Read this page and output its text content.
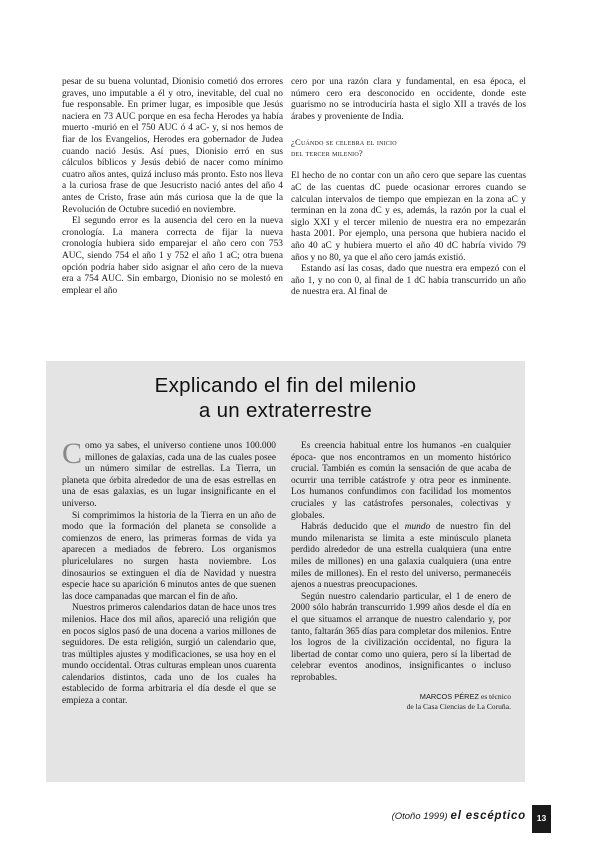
pesar de su buena voluntad, Dionisio cometió dos errores graves, uno imputable a él y otro, inevitable, del cual no fue responsable. En primer lugar, es imposible que Jesús naciera en 73 AUC porque en esa fecha Herodes ya había muerto -murió en el 750 AUC ó 4 aC- y, si nos hemos de fiar de los Evangelios, Herodes era gobernador de Judea cuando nació Jesús. Así pues, Dionisio erró en sus cálculos bíblicos y Jesús debió de nacer como mínimo cuatro años antes, quizá incluso más pronto. Esto nos lleva a la curiosa frase de que Jesucristo nació antes del año 4 antes de Cristo, frase aún más curiosa que la de que la Revolución de Octubre sucedió en noviembre.

El segundo error es la ausencia del cero en la nueva cronología. La manera correcta de fijar la nueva cronología hubiera sido emparejar el año cero con 753 AUC, siendo 754 el año 1 y 752 el año 1 aC; otra buena opción podría haber sido asignar el año cero de la nueva era a 754 AUC. Sin embargo, Dionisio no se molestó en emplear el año

cero por una razón clara y fundamental, en esa época, el número cero era desconocido en occidente, donde este guarismo no se introduciría hasta el siglo XII a través de los árabes y proveniente de India.

¿Cuándo se celebra el inicio
del tercer milenio?

El hecho de no contar con un año cero que separe las cuentas aC de las cuentas dC puede ocasionar errores cuando se calculan intervalos de tiempo que empiezan en la zona aC y terminan en la zona dC y es, además, la razón por la cual el siglo XXI y el tercer milenio de nuestra era no empezarán hasta 2001. Por ejemplo, una persona que hubiera nacido el año 40 aC y hubiera muerto el año 40 dC habría vivido 79 años y no 80, ya que el año cero jamás existió.

Estando así las cosas, dado que nuestra era empezó con el año 1, y no con 0, al final de 1 dC había transcurrido un año de nuestra era. Al final de

Explicando el fin del milenio
a un extraterrestre

Como ya sabes, el universo contiene unos 100.000 millones de galaxias, cada una de las cuales posee un número similar de estrellas. La Tierra, un planeta que órbita alrededor de una de esas estrellas en una de esas galaxias, es un lugar insignificante en el universo.

Si comprimimos la historia de la Tierra en un año de modo que la formación del planeta se consolide a comienzos de enero, las primeras formas de vida ya aparecen a mediados de febrero. Los organismos pluricelulares no surgen hasta noviembre. Los dinosaurios se extinguen el día de Navidad y nuestra especie hace su aparición 6 minutos antes de que suenen las doce campanadas que marcan el fin de año.

Nuestros primeros calendarios datan de hace unos tres milenios. Hace dos mil años, apareció una religión que en pocos siglos pasó de una docena a varios millones de seguidores. De esta religión, surgió un calendario que, tras múltiples ajustes y modificaciones, se usa hoy en el mundo occidental. Otras culturas emplean unos cuarenta calendarios distintos, cada uno de los cuales ha establecido de forma arbitraria el día desde el que se empieza a contar.

Es creencia habitual entre los humanos -en cualquier época- que nos encontramos en un momento histórico crucial. También es común la sensación de que acaba de ocurrir una terrible catástrofe y otra peor es inminente. Los humanos confundimos con facilidad los momentos cruciales y las catástrofes personales, colectivas y globales.

Habrás deducido que el mundo de nuestro fin del mundo milenarista se limita a este minúsculo planeta perdido alrededor de una estrella cualquiera (una entre miles de millones) en una galaxia cualquiera (una entre miles de millones). En el resto del universo, permanecéis ajenos a nuestras preocupaciones.

Según nuestro calendario particular, el 1 de enero de 2000 sólo habrán transcurrido 1.999 años desde el día en el que situamos el arranque de nuestro calendario y, por tanto, faltarán 365 días para completar dos milenios. Entre los logros de la civilización occidental, no figura la libertad de contar como uno quiera, pero sí la libertad de celebrar eventos anodinos, insignificantes o incluso reprobables.

MARCOS PÉREZ es técnico
de la Casa Ciencias de La Coruña.
(Otoño 1999) el escéptico	13
